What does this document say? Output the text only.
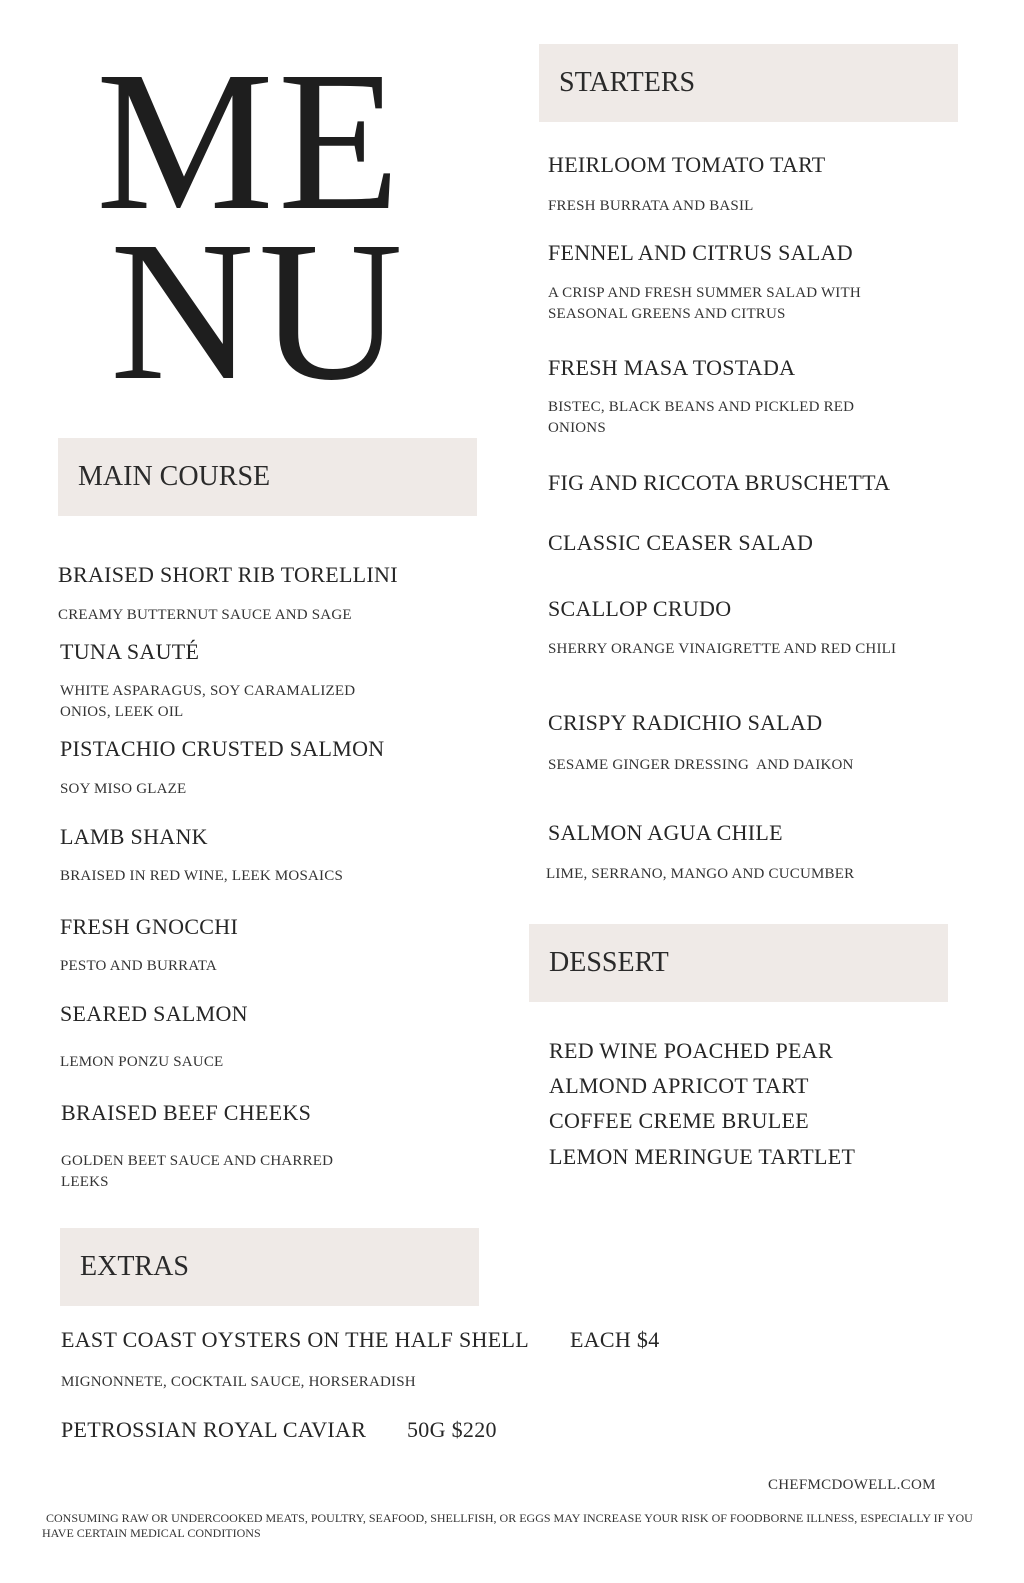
ME
NU
STARTERS
HEIRLOOM TOMATO TART
FRESH BURRATA AND BASIL
FENNEL AND CITRUS SALAD
A CRISP AND FRESH SUMMER SALAD WITH SEASONAL GREENS AND CITRUS
FRESH MASA TOSTADA
BISTEC, BLACK BEANS AND PICKLED RED ONIONS
FIG AND RICCOTA BRUSCHETTA
CLASSIC CEASER SALAD
SCALLOP CRUDO
SHERRY ORANGE VINAIGRETTE AND RED CHILI
CRISPY RADICHIO SALAD
SESAME GINGER DRESSING  AND DAIKON
SALMON AGUA CHILE
LIME, SERRANO, MANGO AND CUCUMBER
MAIN COURSE
BRAISED SHORT RIB TORELLINI
CREAMY BUTTERNUT SAUCE AND SAGE
TUNA SAUTÉ
WHITE ASPARAGUS, SOY CARAMALIZED ONIOS, LEEK OIL
PISTACHIO CRUSTED SALMON
SOY MISO GLAZE
LAMB SHANK
BRAISED IN RED WINE, LEEK MOSAICS
FRESH GNOCCHI
PESTO AND BURRATA
SEARED SALMON
LEMON PONZU SAUCE
BRAISED BEEF CHEEKS
GOLDEN BEET SAUCE AND CHARRED LEEKS
DESSERT
RED WINE POACHED PEAR
ALMOND APRICOT TART
COFFEE CREME BRULEE
LEMON MERINGUE TARTLET
EXTRAS
EAST COAST OYSTERS ON THE HALF SHELL EACH $4
MIGNONNETE, COCKTAIL SAUCE, HORSERADISH
PETROSSIAN ROYAL CAVIAR 50G $220
CHEFMCDOWELL.COM
CONSUMING RAW OR UNDERCOOKED MEATS, POULTRY, SEAFOOD, SHELLFISH, OR EGGS MAY INCREASE YOUR RISK OF FOODBORNE ILLNESS, ESPECIALLY IF YOU HAVE CERTAIN MEDICAL CONDITIONS
